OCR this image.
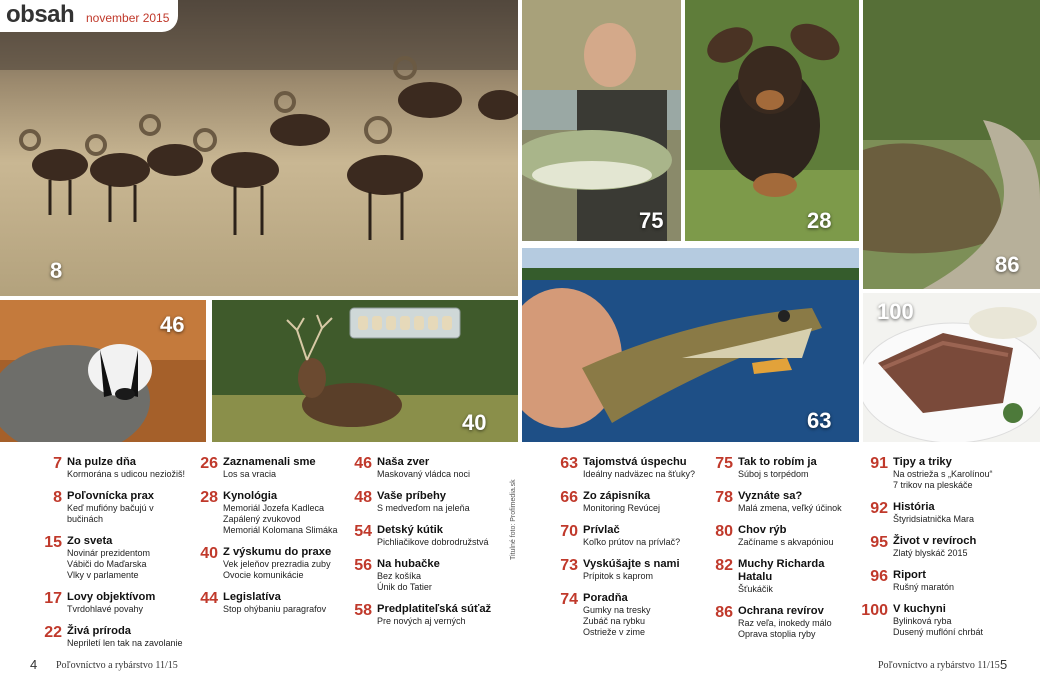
obsah november 2015
8
75	28
86
46
40	63
100
7 Na pulze dňa
Kormorána s udicou neziožiš!
8 Poľovnícka prax
Keď mufióny bačujú v bučinách
15 Zo sveta
Novinár prezidentom
Vábiči do Maďarska
Vlky v parlamente
17 Lovy objektívom
Tvrdohlavé povahy
22 Živá príroda
Nepriletí len tak na zavolanie
26 Zaznamenali sme
Los sa vracia
28 Kynológia
Memoriál Jozefa Kadleca
Zapálený zvukovod
Memoriál Kolomana Slimáka
40 Z výskumu do praxe
Vek jeleňov prezradia zuby
Ovocie komunikácie
44 Legislatíva
Stop ohýbaniu paragrafov
46 Naša zver
Maskovaný vládca noci
48 Vaše príbehy
S medveďom na jeleňa
54 Detský kútik
Pichliačikove dobrodružstvá
56 Na hubačke
Bez košíka
Únik do Tatier
58 Predplatiteľská súťaž
Pre nových aj verných
63 Tajomstvá úspechu
Ideálny nadväzec na šťuky?
66 Zo zápisníka
Monitoring Revúcej
70 Prívlač
Koľko prútov na prívlač?
73 Vyskúšajte s nami
Prípitok s kaprom
74 Poradňa
Gumky na tresky
Zubáč na rybku
Ostrieže v zime
75 Tak to robím ja
Súboj s torpédom
78 Vyznáte sa?
Malá zmena, veľký účinok
80 Chov rýb
Začíname s akvapóniou
82 Muchy Richarda Hatalu
Šťukáčik
86 Ochrana revírov
Raz veľa, inokedy málo
Oprava stoplia ryby
91 Tipy a triky
Na ostrieža s „Karolínou“
7 trikov na pleskáče
92 História
Štyridsiatnička Mara
95 Život v revíroch
Zlatý blyskáč 2015
96 Riport
Rušný maratón
100 V kuchyni
Bylinková ryba
Dusený muflóní chrbát
Titulné foto: Profimedia.sk
4 Poľovníctvo a rybárstvo 11/15	Poľovníctvo a rybárstvo 11/15 5
